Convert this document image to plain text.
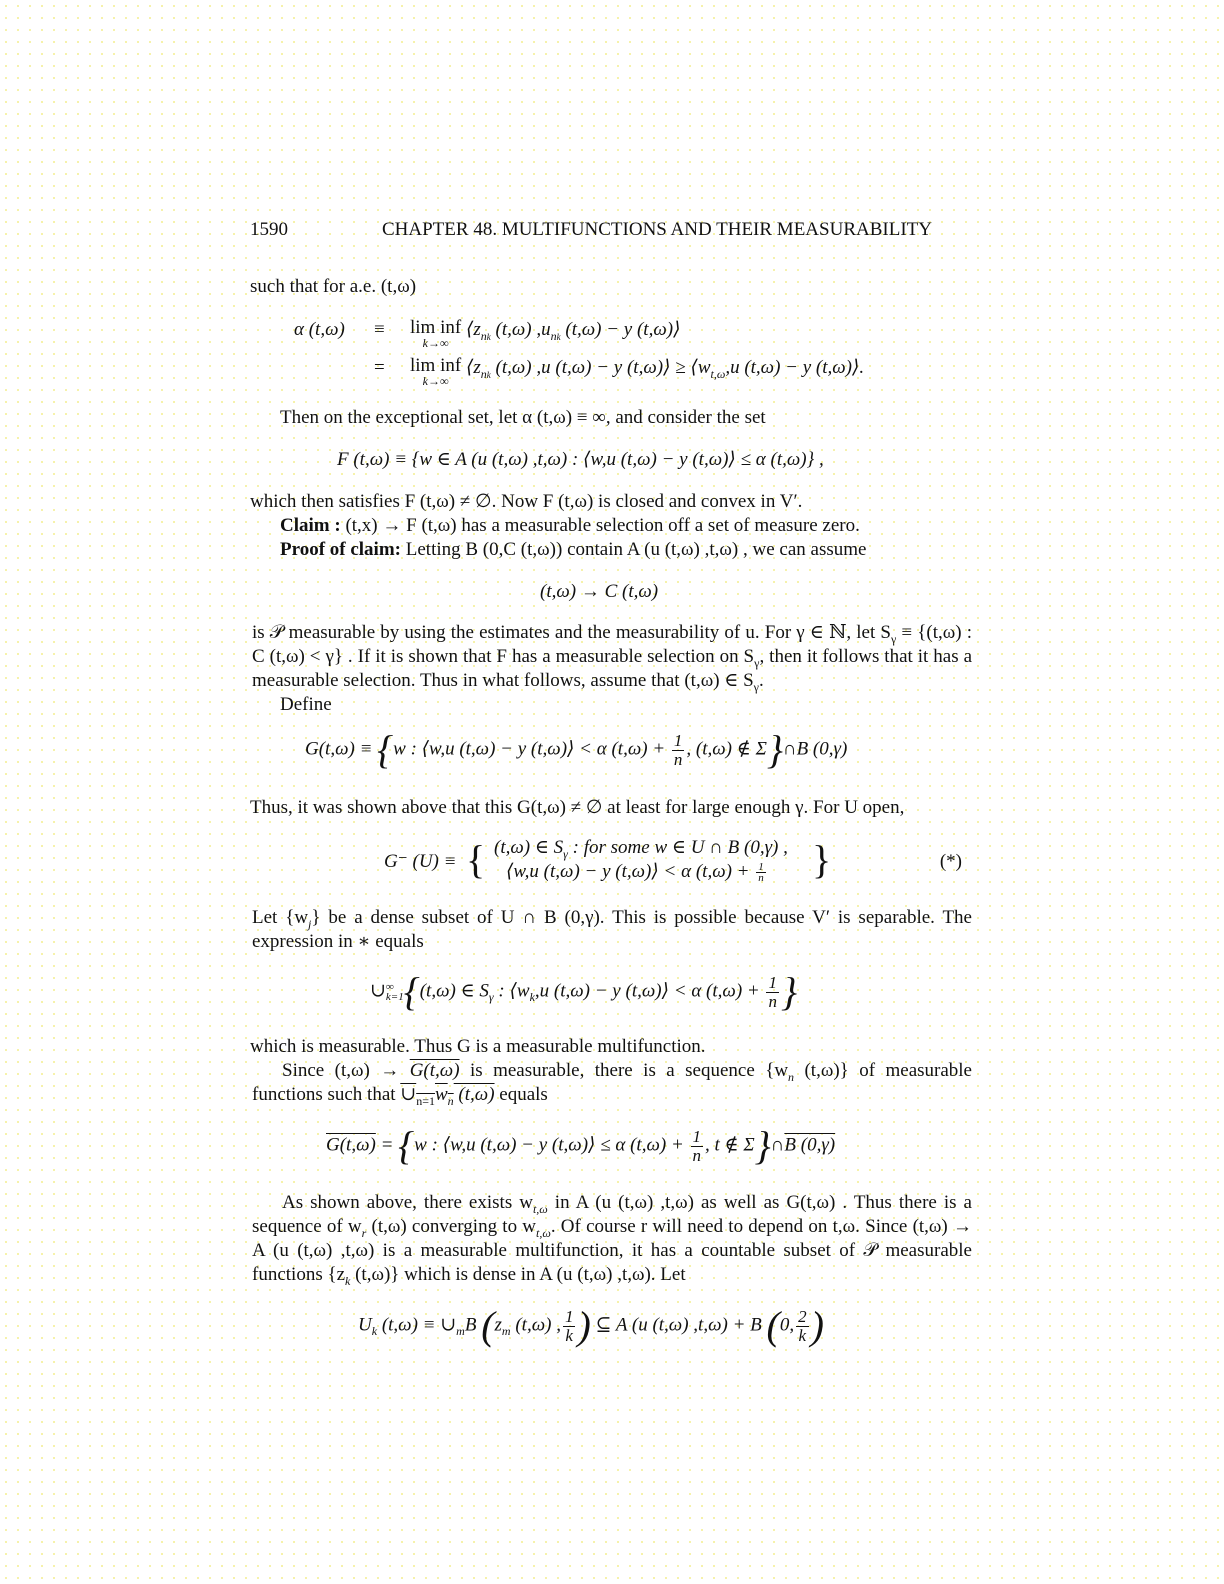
1590	CHAPTER 48. MULTIFUNCTIONS AND THEIR MEASURABILITY
such that for a.e. (t,ω)
α (t,ω) ≡ lim inf
k→∞
$⟨z_{nk}$ (t,ω) $,u_{nk}$ (t,ω) − y (t,ω)⟩
= lim inf
k→∞
$⟨z_{nk}$ (t,ω) ,u (t,ω) − y (t,ω)⟩ ≥ $⟨w_{t,\omega},u$ (t,ω) − y (t,ω)⟩.
Then on the exceptional set, let α (t,ω) ≡ ∞, and consider the set
F (t,ω) ≡ {w ∈ A (u (t,ω) ,t,ω) : ⟨w,u (t,ω) − y (t,ω)⟩ ≤ α (t,ω)} ,
which then satisfies F (t,ω) ≠ ∅. Now F (t,ω) is closed and convex in V′.
Claim : (t,x) → F (t,ω) has a measurable selection off a set of measure zero.
Proof of claim: Letting B (0,C (t,ω)) contain A (u (t,ω) ,t,ω) , we can assume
(t,ω) → C (t,ω)
is 𝒫 measurable by using the estimates and the measurability of u. For γ ∈ ℕ, let $S_\gamma \equiv \{(t,\omega)$ : C (t,ω) < γ} . If it is shown that F has a measurable selection on $S_\gamma$, then it follows that it has a measurable selection. Thus in what follows, assume that (t,ω) ∈ $S_\gamma$.
Define
G(t,ω) ≡ {w : ⟨w,u (t,ω) − y (t,ω)⟩ < α $(t,\omega) + \frac{1}{n}$ , (t,ω) ∉ Σ}∩B (0,γ)
Thus, it was shown above that this G(t,ω) ≠ ∅ at least for large enough γ. For U open,
G⁻ (U) ≡ { (t,ω) ∈ $S_\gamma$ : for some w ∈ U ∩ B (0,γ) ,
⟨w,u (t,ω) − y (t,ω)⟩ < α $(t,\omega) + \frac{1}{n}$ }	(*)
Let $\{w_j\}$ be a dense subset of U ∩ B (0,γ). This is possible because V′ is separable. The expression in ∗ equals
∪ ∞
k=1 {(t,ω) ∈ $S_\gamma$ : $⟨w_k,u$ (t,ω) − y (t,ω)⟩ < α $(t,\omega) + \frac{1}{n}$ }
which is measurable. Thus G is a measurable multifunction.
Since (t,ω) → G(t,ω) is measurable, there is a sequence {$w_n$ (t,ω)} of measurable functions such that $\cup_{n=1}w_n$ (t,ω) equals
G(t,ω) = {w : ⟨w,u (t,ω) − y (t,ω)⟩ ≤ α $(t,\omega) + \frac{1}{n}$ , t ∉ Σ}∩B (0,γ)
As shown above, there exists $w_{t,\omega}$ in A (u (t,ω) ,t,ω) as well as G(t,ω) . Thus there is a sequence of $w_r$ (t,ω) converging to $w_{t,\omega}$. Of course r will need to depend on t,ω. Since (t,ω) → A (u (t,ω) ,t,ω) is a measurable multifunction, it has a countable subset of 𝒫 measurable functions {$z_k$ (t,ω)} which is dense in A (u (t,ω) ,t,ω). Let
$U_k$ $(t,\omega) \equiv \cup_mB$ ($z_m$ (t,ω) , $\frac{1}{k}$ ) ⊆ A (u (t,ω) ,t,ω) + B (0, $\frac{2}{k}$ )
